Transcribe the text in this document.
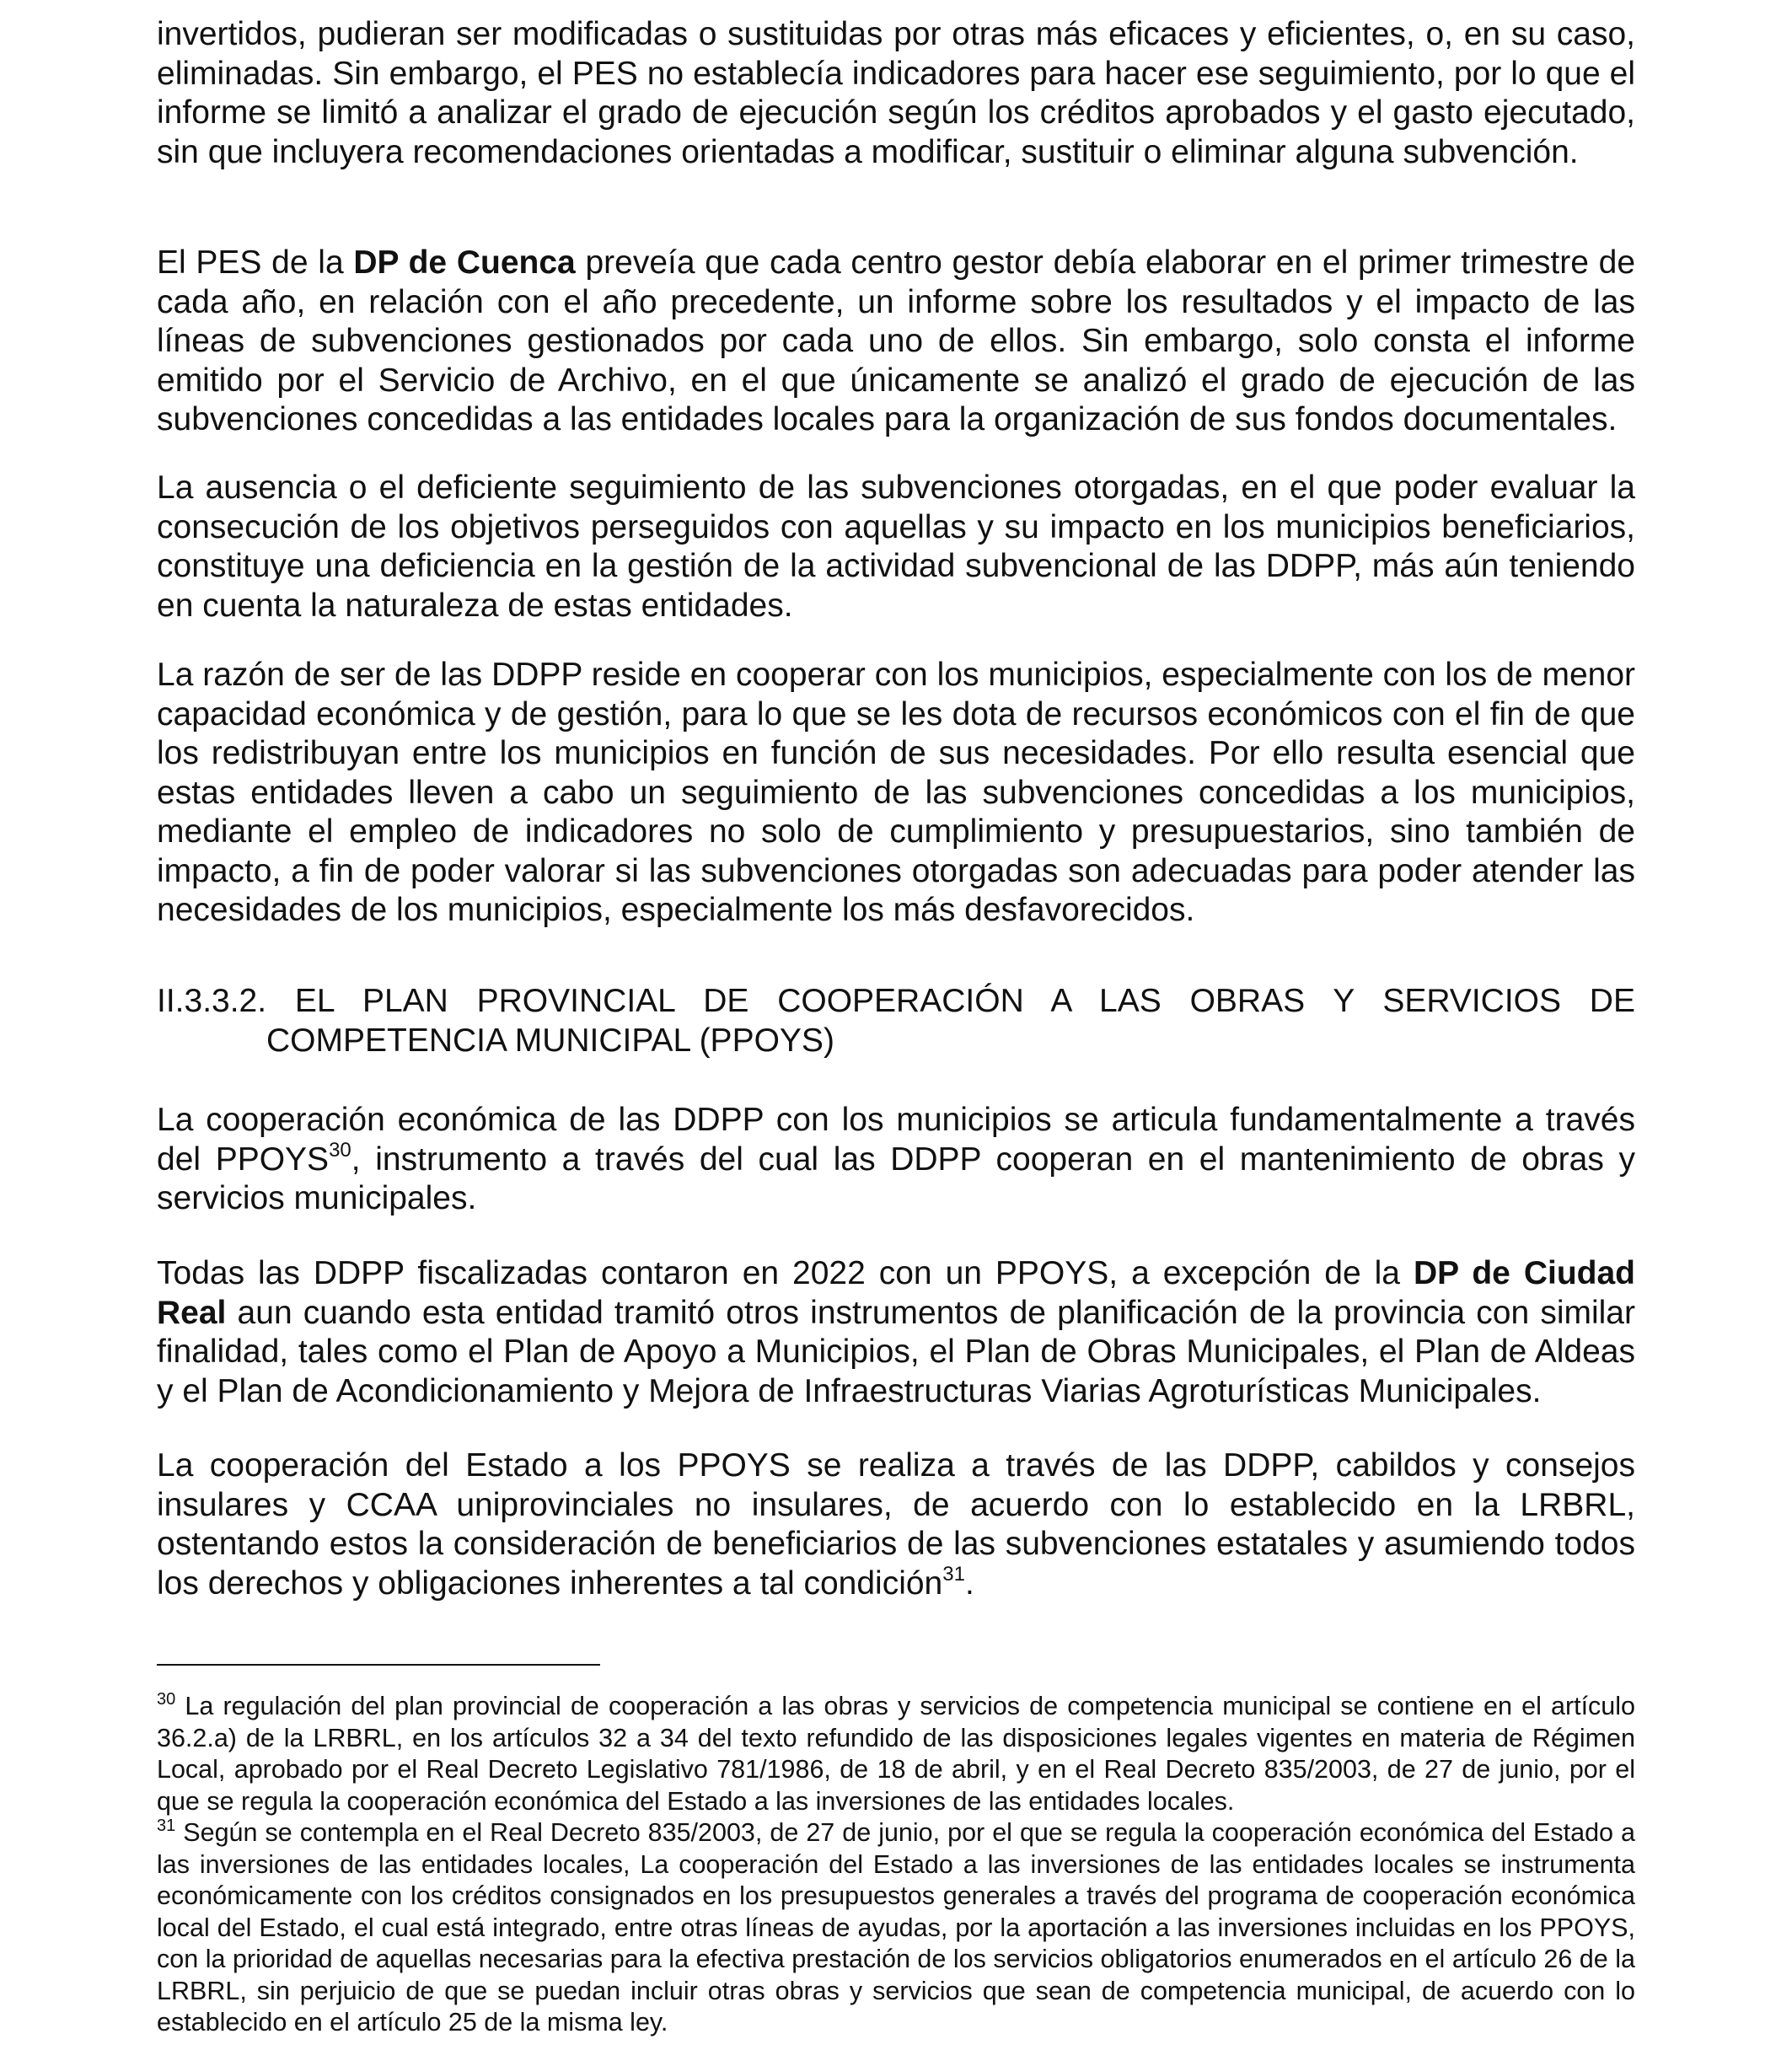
invertidos, pudieran ser modificadas o sustituidas por otras más eficaces y eficientes, o, en su caso, eliminadas. Sin embargo, el PES no establecía indicadores para hacer ese seguimiento, por lo que el informe se limitó a analizar el grado de ejecución según los créditos aprobados y el gasto ejecutado, sin que incluyera recomendaciones orientadas a modificar, sustituir o eliminar alguna subvención.

El PES de la DP de Cuenca preveía que cada centro gestor debía elaborar en el primer trimestre de cada año, en relación con el año precedente, un informe sobre los resultados y el impacto de las líneas de subvenciones gestionados por cada uno de ellos. Sin embargo, solo consta el informe emitido por el Servicio de Archivo, en el que únicamente se analizó el grado de ejecución de las subvenciones concedidas a las entidades locales para la organización de sus fondos documentales.

La ausencia o el deficiente seguimiento de las subvenciones otorgadas, en el que poder evaluar la consecución de los objetivos perseguidos con aquellas y su impacto en los municipios beneficiarios, constituye una deficiencia en la gestión de la actividad subvencional de las DDPP, más aún teniendo en cuenta la naturaleza de estas entidades.

La razón de ser de las DDPP reside en cooperar con los municipios, especialmente con los de menor capacidad económica y de gestión, para lo que se les dota de recursos económicos con el fin de que los redistribuyan entre los municipios en función de sus necesidades. Por ello resulta esencial que estas entidades lleven a cabo un seguimiento de las subvenciones concedidas a los municipios, mediante el empleo de indicadores no solo de cumplimiento y presupuestarios, sino también de impacto, a fin de poder valorar si las subvenciones otorgadas son adecuadas para poder atender las necesidades de los municipios, especialmente los más desfavorecidos.

II.3.3.2. EL PLAN PROVINCIAL DE COOPERACIÓN A LAS OBRAS Y SERVICIOS DE
COMPETENCIA MUNICIPAL (PPOYS)

La cooperación económica de las DDPP con los municipios se articula fundamentalmente a través del PPOYS$^{30}$, instrumento a través del cual las DDPP cooperan en el mantenimiento de obras y servicios municipales.

Todas las DDPP fiscalizadas contaron en 2022 con un PPOYS, a excepción de la DP de Ciudad Real aun cuando esta entidad tramitó otros instrumentos de planificación de la provincia con similar finalidad, tales como el Plan de Apoyo a Municipios, el Plan de Obras Municipales, el Plan de Aldeas y el Plan de Acondicionamiento y Mejora de Infraestructuras Viarias Agroturísticas Municipales.

La cooperación del Estado a los PPOYS se realiza a través de las DDPP, cabildos y consejos insulares y CCAA uniprovinciales no insulares, de acuerdo con lo establecido en la LRBRL, ostentando estos la consideración de beneficiarios de las subvenciones estatales y asumiendo todos los derechos y obligaciones inherentes a tal condición$^{31}$.

$^{30}$ La regulación del plan provincial de cooperación a las obras y servicios de competencia municipal se contiene en el artículo 36.2.a) de la LRBRL, en los artículos 32 a 34 del texto refundido de las disposiciones legales vigentes en materia de Régimen Local, aprobado por el Real Decreto Legislativo 781/1986, de 18 de abril, y en el Real Decreto 835/2003, de 27 de junio, por el que se regula la cooperación económica del Estado a las inversiones de las entidades locales.

$^{31}$ Según se contempla en el Real Decreto 835/2003, de 27 de junio, por el que se regula la cooperación económica del Estado a las inversiones de las entidades locales, La cooperación del Estado a las inversiones de las entidades locales se instrumenta económicamente con los créditos consignados en los presupuestos generales a través del programa de cooperación económica local del Estado, el cual está integrado, entre otras líneas de ayudas, por la aportación a las inversiones incluidas en los PPOYS, con la prioridad de aquellas necesarias para la efectiva prestación de los servicios obligatorios enumerados en el artículo 26 de la LRBRL, sin perjuicio de que se puedan incluir otras obras y servicios que sean de competencia municipal, de acuerdo con lo establecido en el artículo 25 de la misma ley.
